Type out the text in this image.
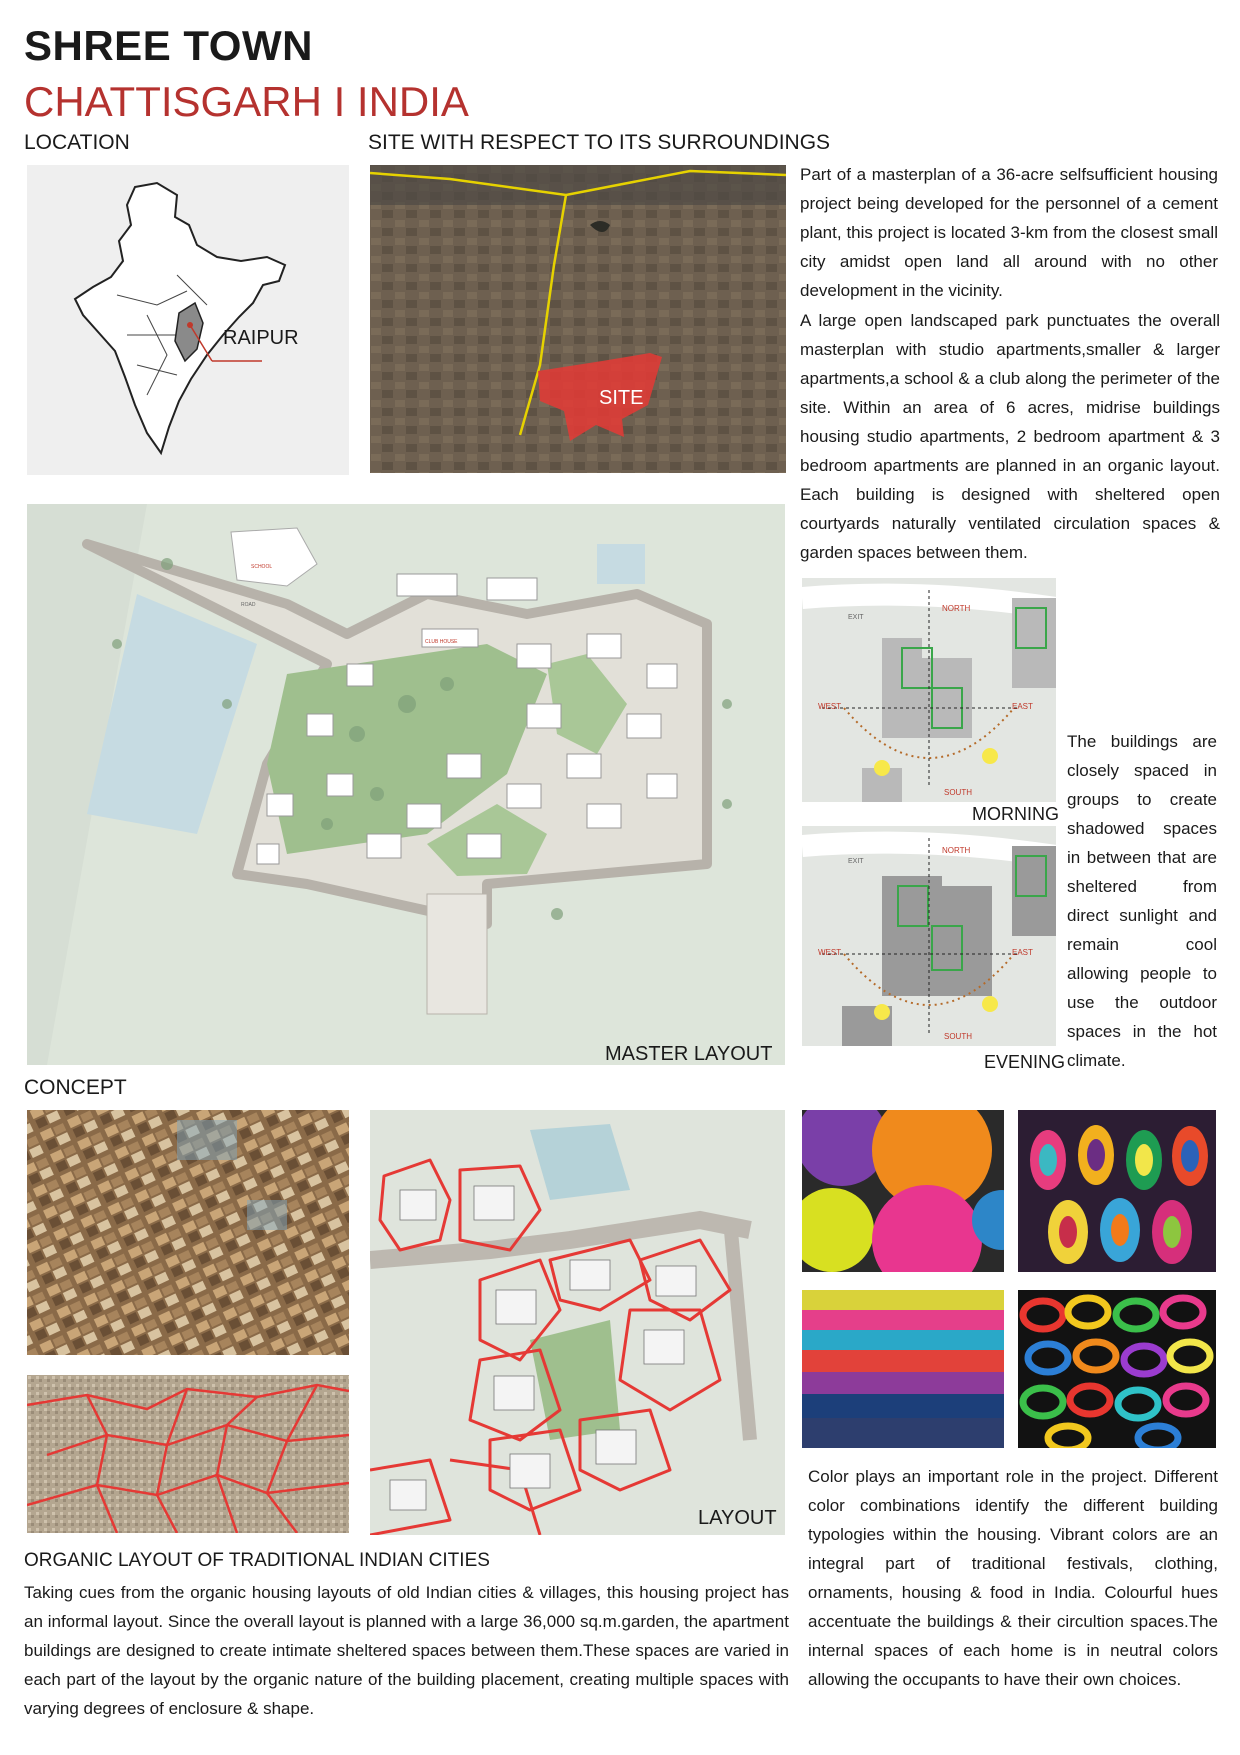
SHREE TOWN
CHATTISGARH I INDIA
LOCATION	SITE WITH RESPECT TO ITS SURROUNDINGS
RAIPUR
SITE
Part of a masterplan of a 36-acre selfsufficient housing project being developed for the personnel of a cement plant, this project is located 3-km from the closest small city amidst open land all around with no other development in the vicinity.
A large open landscaped park punctuates the overall masterplan with studio apartments,smaller & larger apartments,a school & a club along the perimeter of the site. Within an area of 6 acres, midrise buildings housing studio apartments, 2 bedroom apartment & 3 bedroom apartments are planned in an organic layout. Each building is designed with sheltered open courtyards naturally ventilated circulation spaces & garden spaces between them.
SCHOOL
CLUB HOUSE
ROAD
MASTER LAYOUT
NORTH
WEST	EAST
SOUTH
EXIT
MORNING
NORTH
WEST	EAST
SOUTH
EXIT
EVENING
The buildings are closely spaced in groups to create shadowed spaces in between that are sheltered from direct sunlight and remain cool allowing people to use the outdoor spaces in the hot climate.
CONCEPT
LAYOUT
Color plays an important role in the project. Different color combinations identify the different building typologies within the housing. Vibrant colors are an integral part of traditional festivals, clothing, ornaments, housing & food in India. Colourful hues accentuate the buildings & their circultion spaces.The internal spaces of each home is in neutral colors allowing the occupants to have their own choices.
ORGANIC LAYOUT OF TRADITIONAL INDIAN CITIES
Taking cues from the organic housing layouts of old Indian cities & villages, this housing project has an informal layout. Since the overall layout is planned with a large 36,000 sq.m.garden, the apartment buildings are designed to create intimate sheltered spaces between them.These spaces are varied in each part of the layout by the organic nature of the building placement, creating multiple spaces with varying degrees of enclosure & shape.
